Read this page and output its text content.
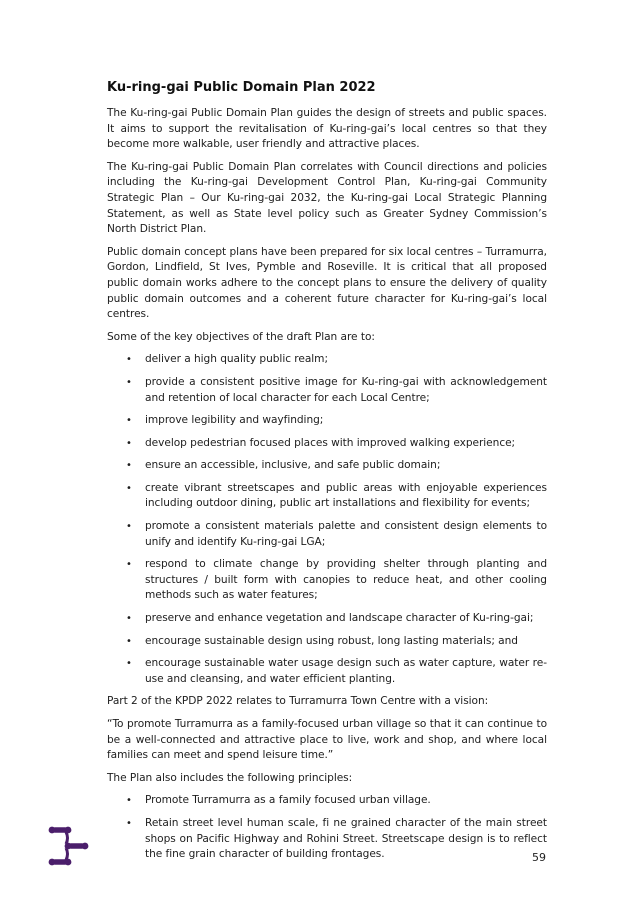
Ku-ring-gai Public Domain Plan 2022

The Ku-ring-gai Public Domain Plan guides the design of streets and public spaces. It aims to support the revitalisation of Ku-ring-gai’s local centres so that they become more walkable, user friendly and attractive places.

The Ku-ring-gai Public Domain Plan correlates with Council directions and policies including the Ku-ring-gai Development Control Plan, Ku-ring-gai Community Strategic Plan – Our Ku-ring-gai 2032, the Ku-ring-gai Local Strategic Planning Statement, as well as State level policy such as Greater Sydney Commission’s North District Plan.

Public domain concept plans have been prepared for six local centres – Turramurra, Gordon, Lindfield, St Ives, Pymble and Roseville. It is critical that all proposed public domain works adhere to the concept plans to ensure the delivery of quality public domain outcomes and a coherent future character for Ku-ring-gai’s local centres.

Some of the key objectives of the draft Plan are to:

• deliver a high quality public realm;
• provide a consistent positive image for Ku-ring-gai with acknowledgement and retention of local character for each Local Centre;
• improve legibility and wayfinding;
• develop pedestrian focused places with improved walking experience;
• ensure an accessible, inclusive, and safe public domain;
• create vibrant streetscapes and public areas with enjoyable experiences including outdoor dining, public art installations and flexibility for events;
• promote a consistent materials palette and consistent design elements to unify and identify Ku-ring-gai LGA;
• respond to climate change by providing shelter through planting and structures / built form with canopies to reduce heat, and other cooling methods such as water features;
• preserve and enhance vegetation and landscape character of Ku-ring-gai;
• encourage sustainable design using robust, long lasting materials; and
• encourage sustainable water usage design such as water capture, water re-use and cleansing, and water efficient planting.

Part 2 of the KPDP 2022 relates to Turramurra Town Centre with a vision:

“To promote Turramurra as a family-focused urban village so that it can continue to be a well-connected and attractive place to live, work and shop, and where local families can meet and spend leisure time.”

The Plan also includes the following principles:

• Promote Turramurra as a family focused urban village.
• Retain street level human scale, fi ne grained character of the main street shops on Pacific Highway and Rohini Street. Streetscape design is to reflect the fine grain character of building frontages.	59
